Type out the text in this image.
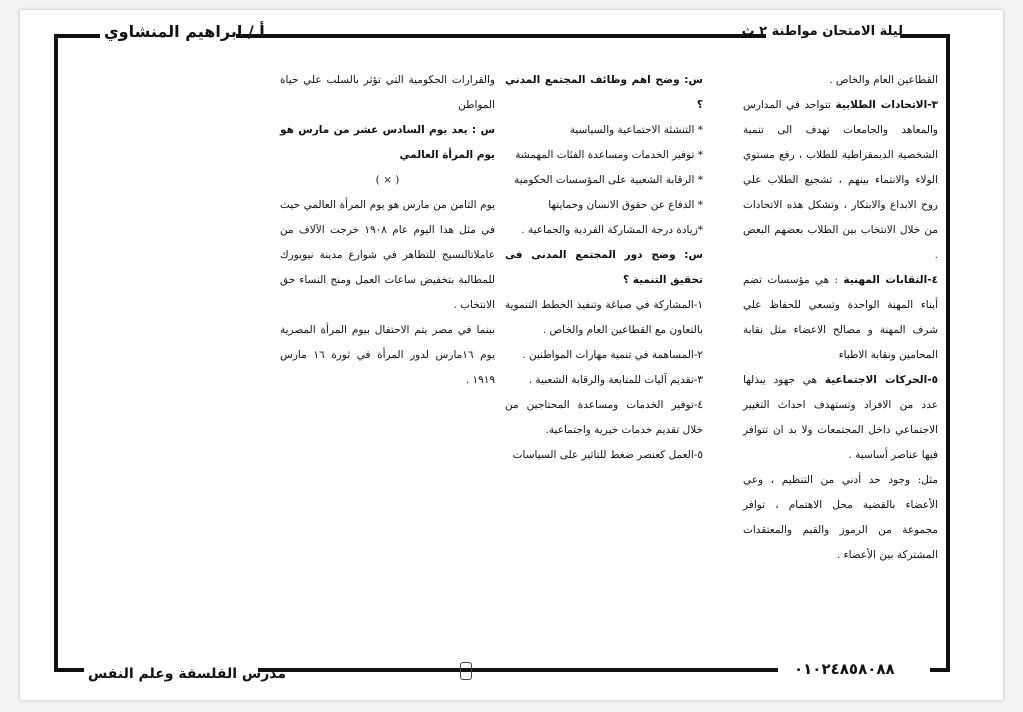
ليلة الامتحان مواطنة ٢ ث
أ / ابراهيم المنشاوي
مدرس الفلسفة وعلم النفس	٠١٠٢٤٨٥٨٠٨٨

القطاعين العام والخاص .

٣-الاتحادات الطلابية تتواجد في المدارس والمعاهد والجامعات تهدف الى تنمية الشخصية الديمقراطية للطلاب ، رفع مستوي الولاء والانتماء بينهم ، تشجيع الطلاب علي روح الابداع والابتكار ، وتشكل هذه الاتحادات من خلال الانتخاب بين الطلاب بعضهم البعض .

٤-النقابات المهنية : هي مؤسسات تضم أبناء المهنة الواحدة وتسعي للحفاظ علي شرف المهنة و مصالح الاعضاء مثل نقابة المحامين ونقابة الاطباء

٥-الحركات الاجتماعية هي جهود يبذلها عدد من الافراد وتستهدف احداث التغيير الاجتماعي داخل المجتمعات ولا بد ان تتوافر فيها عناصر أساسية .

مثل: وجود حد أدني من التنظيم ، وعي الأعضاء بالقضية محل الاهتمام ، توافر مجموعة من الرموز والقيم والمعتقدات المشتركة بين الأعضاء .

س: وضح اهم وظائف المجتمع المدني ؟

* التنشئة الاجتماعية والسياسية

* توفير الخدمات ومساعدة الفئات المهمشة

* الرقابة الشعبية على المؤسسات الحكومية

* الدفاع عن حقوق الانسان وحمايتها

*زيادة درجة المشاركة الفردية والجماعية .

س: وضح دور المجتمع المدنى فى تحقيق التنمية ؟

١-المشاركة في صياغة وتنفيذ الخطط التنموية بالتعاون مع القطاعين العام والخاص .

٢-المساهمة في تنمية مهارات المواطنين .

٣-تقديم آليات للمتابعة والرقابة الشعبية .

٤-توفير الخدمات ومساعدة المحتاجين من خلال تقديم خدمات خيرية واجتماعية.

٥-العمل كعنصر ضغط للتاثير على السياسات

والقرارات الحكومية التي تؤثر بالسلب علي حياة المواطن

س : يعد يوم السادس عشر من مارس هو يوم المرأة العالمي

( × )

يوم الثامن من مارس هو يوم المرأة العالمي حيث في مثل هذا اليوم عام ١٩٠٨ خرجت الآلاف من عاملاتالنسيج للتظاهر في شوارع مدينة نيويورك للمطالبة بتخفيض ساعات العمل ومنح النساء حق الانتخاب .

بينما في مصر يتم الاحتفال بيوم المرأة المصرية يوم ١٦مارس لدور المرأة في ثورة ١٦ مارس ١٩١٩ .
